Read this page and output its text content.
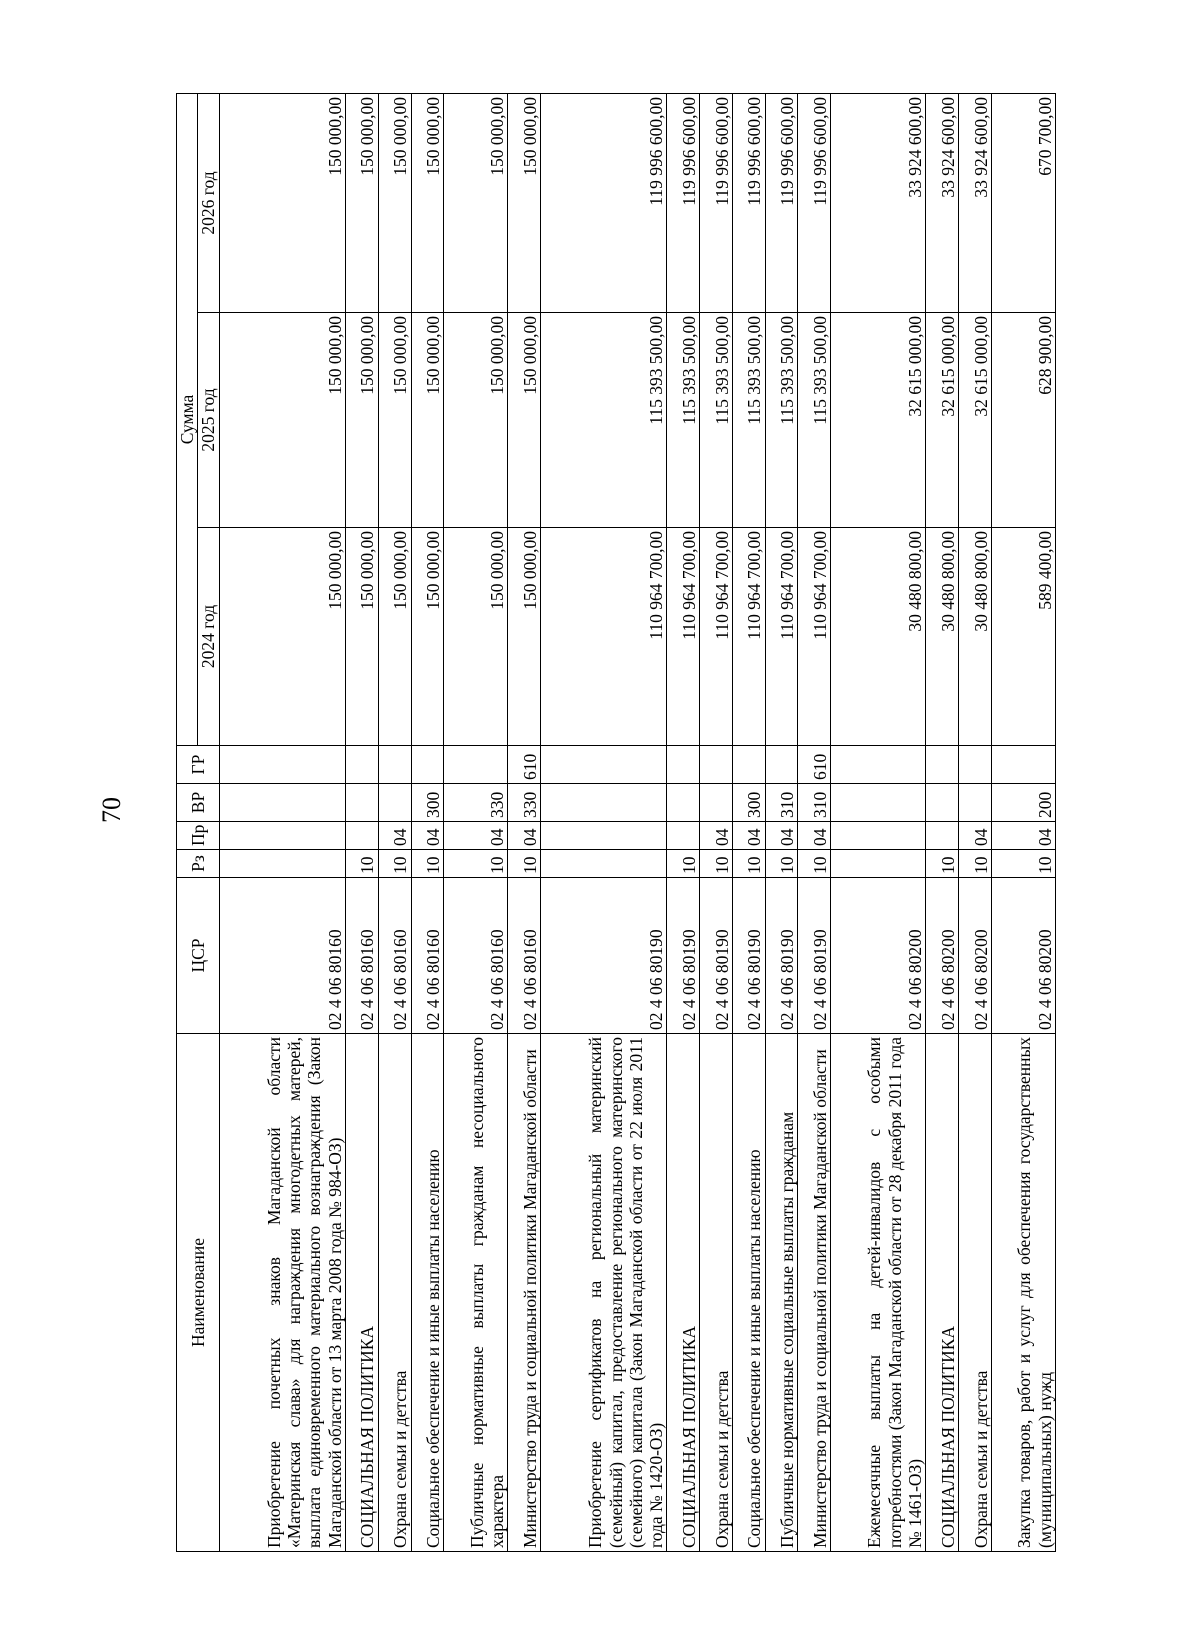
70
Наименование	ЦСР	Рз	Пр	ВР	ГР	Сумма		
						2024 год	2025 год	2026 год
Приобретение почетных знаков Магаданской области «Материнская слава» для награждения многодетных матерей, выплата единовременного материального вознаграждения (Закон Магаданской области от 13 марта 2008 года № 984-ОЗ)	02 4 06 80160					150 000,00	150 000,00	150 000,00
СОЦИАЛЬНАЯ ПОЛИТИКА	02 4 06 80160	10				150 000,00	150 000,00	150 000,00
Охрана семьи и детства	02 4 06 80160	10	04			150 000,00	150 000,00	150 000,00
Социальное обеспечение и иные выплаты населению	02 4 06 80160	10	04	300		150 000,00	150 000,00	150 000,00
Публичные нормативные выплаты гражданам несоциального характера	02 4 06 80160	10	04	330		150 000,00	150 000,00	150 000,00
Министерство труда и социальной политики Магаданской области	02 4 06 80160	10	04	330	610	150 000,00	150 000,00	150 000,00
Приобретение сертификатов на региональный материнский (семейный) капитал, предоставление регионального материнского (семейного) капитала (Закон Магаданской области от 22 июля 2011 года № 1420-ОЗ)	02 4 06 80190					110 964 700,00	115 393 500,00	119 996 600,00
СОЦИАЛЬНАЯ ПОЛИТИКА	02 4 06 80190	10				110 964 700,00	115 393 500,00	119 996 600,00
Охрана семьи и детства	02 4 06 80190	10	04			110 964 700,00	115 393 500,00	119 996 600,00
Социальное обеспечение и иные выплаты населению	02 4 06 80190	10	04	300		110 964 700,00	115 393 500,00	119 996 600,00
Публичные нормативные социальные выплаты гражданам	02 4 06 80190	10	04	310		110 964 700,00	115 393 500,00	119 996 600,00
Министерство труда и социальной политики Магаданской области	02 4 06 80190	10	04	310	610	110 964 700,00	115 393 500,00	119 996 600,00
Ежемесячные выплаты на детей-инвалидов с особыми потребностями (Закон Магаданской области от 28 декабря 2011 года № 1461-ОЗ)	02 4 06 80200					30 480 800,00	32 615 000,00	33 924 600,00
СОЦИАЛЬНАЯ ПОЛИТИКА	02 4 06 80200	10				30 480 800,00	32 615 000,00	33 924 600,00
Охрана семьи и детства	02 4 06 80200	10	04			30 480 800,00	32 615 000,00	33 924 600,00
Закупка товаров, работ и услуг для обеспечения государственных (муниципальных) нужд	02 4 06 80200	10	04	200		589 400,00	628 900,00	670 700,00
